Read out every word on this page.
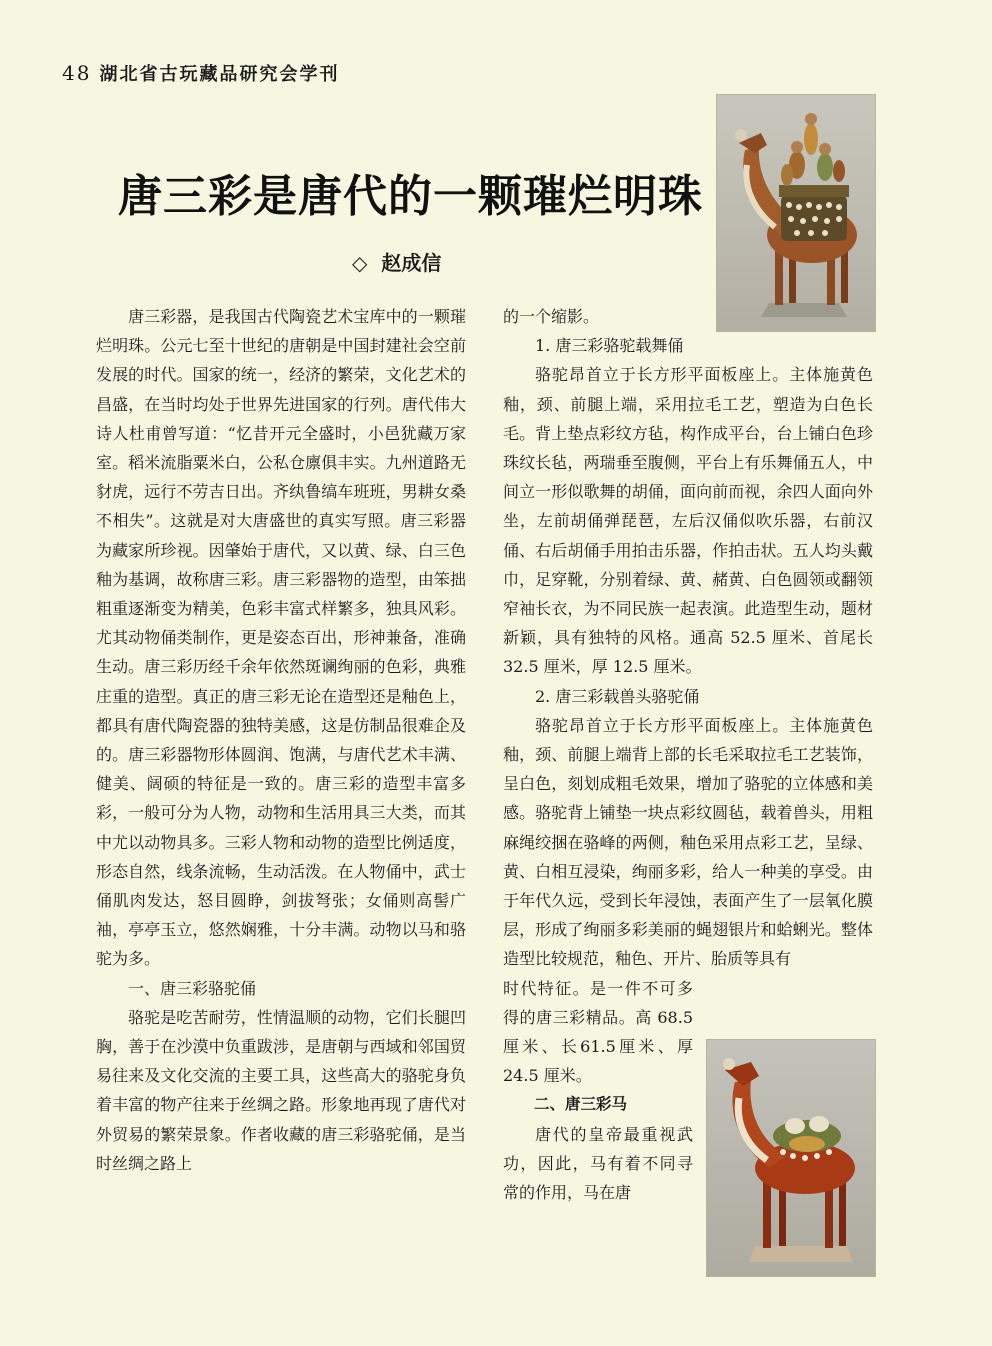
48 湖北省古玩藏品研究会学刊
唐三彩是唐代的一颗璀烂明珠
◇ 赵成信

唐三彩器，是我国古代陶瓷艺术宝库中的一颗璀烂明珠。公元七至十世纪的唐朝是中国封建社会空前发展的时代。国家的统一，经济的繁荣，文化艺术的昌盛，在当时均处于世界先进国家的行列。唐代伟大诗人杜甫曾写道：“忆昔开元全盛时，小邑犹藏万家室。稻米流脂粟米白，公私仓廪俱丰实。九州道路无豺虎，远行不劳吉日出。齐纨鲁缟车班班，男耕女桑不相失”。这就是对大唐盛世的真实写照。唐三彩器为藏家所珍视。因肇始于唐代，又以黄、绿、白三色釉为基调，故称唐三彩。唐三彩器物的造型，由笨拙粗重逐渐变为精美，色彩丰富式样繁多，独具风彩。尤其动物俑类制作，更是姿态百出，形神兼备，准确生动。唐三彩历经千余年依然斑谰绚丽的色彩，典雅庄重的造型。真正的唐三彩无论在造型还是釉色上，都具有唐代陶瓷器的独特美感，这是仿制品很难企及的。唐三彩器物形体圆润、饱满，与唐代艺术丰满、健美、阔硕的特征是一致的。唐三彩的造型丰富多彩，一般可分为人物，动物和生活用具三大类，而其中尤以动物具多。三彩人物和动物的造型比例适度，形态自然，线条流畅，生动活泼。在人物俑中，武士俑肌肉发达，怒目圆睁，剑拔弩张；女俑则高髻广袖，亭亭玉立，悠然娴雅，十分丰满。动物以马和骆驼为多。

一、唐三彩骆驼俑

骆驼是吃苦耐劳，性情温顺的动物，它们长腿凹胸，善于在沙漠中负重跋涉，是唐朝与西域和邻国贸易往来及文化交流的主要工具，这些高大的骆驼身负着丰富的物产往来于丝绸之路。形象地再现了唐代对外贸易的繁荣景象。作者收藏的唐三彩骆驼俑，是当时丝绸之路上

的一个缩影。

1. 唐三彩骆驼载舞俑

骆驼昂首立于长方形平面板座上。主体施黄色釉，颈、前腿上端，采用拉毛工艺，塑造为白色长毛。背上垫点彩纹方毡，构作成平台，台上铺白色珍珠纹长毡，两瑞垂至腹侧，平台上有乐舞俑五人，中间立一形似歌舞的胡俑，面向前而视，余四人面向外坐，左前胡俑弹琵琶，左后汉俑似吹乐器，右前汉俑、右后胡俑手用拍击乐器，作拍击状。五人均头戴巾，足穿靴，分别着绿、黄、赭黄、白色圆领或翻领窄袖长衣，为不同民族一起表演。此造型生动，题材新颖，具有独特的风格。通高 52.5 厘米、首尾长 32.5 厘米，厚 12.5 厘米。

2. 唐三彩载兽头骆驼俑

骆驼昂首立于长方形平面板座上。主体施黄色釉，颈、前腿上端背上部的长毛采取拉毛工艺装饰，呈白色，刻划成粗毛效果，增加了骆驼的立体感和美感。骆驼背上铺垫一块点彩纹圆毡，载着兽头，用粗麻绳绞捆在骆峰的两侧，釉色采用点彩工艺，呈绿、黄、白相互浸染，绚丽多彩，给人一种美的享受。由于年代久远，受到长年浸蚀，表面产生了一层氧化膜层，形成了绚丽多彩美丽的蝇翅银片和蛤蜊光。整体造型比较规范，釉色、开片、胎质等具有

时代特征。是一件不可多得的唐三彩精品。高 68.5厘米、长61.5厘米、厚 24.5 厘米。

二、唐三彩马

唐代的皇帝最重视武功，因此，马有着不同寻常的作用，马在唐
